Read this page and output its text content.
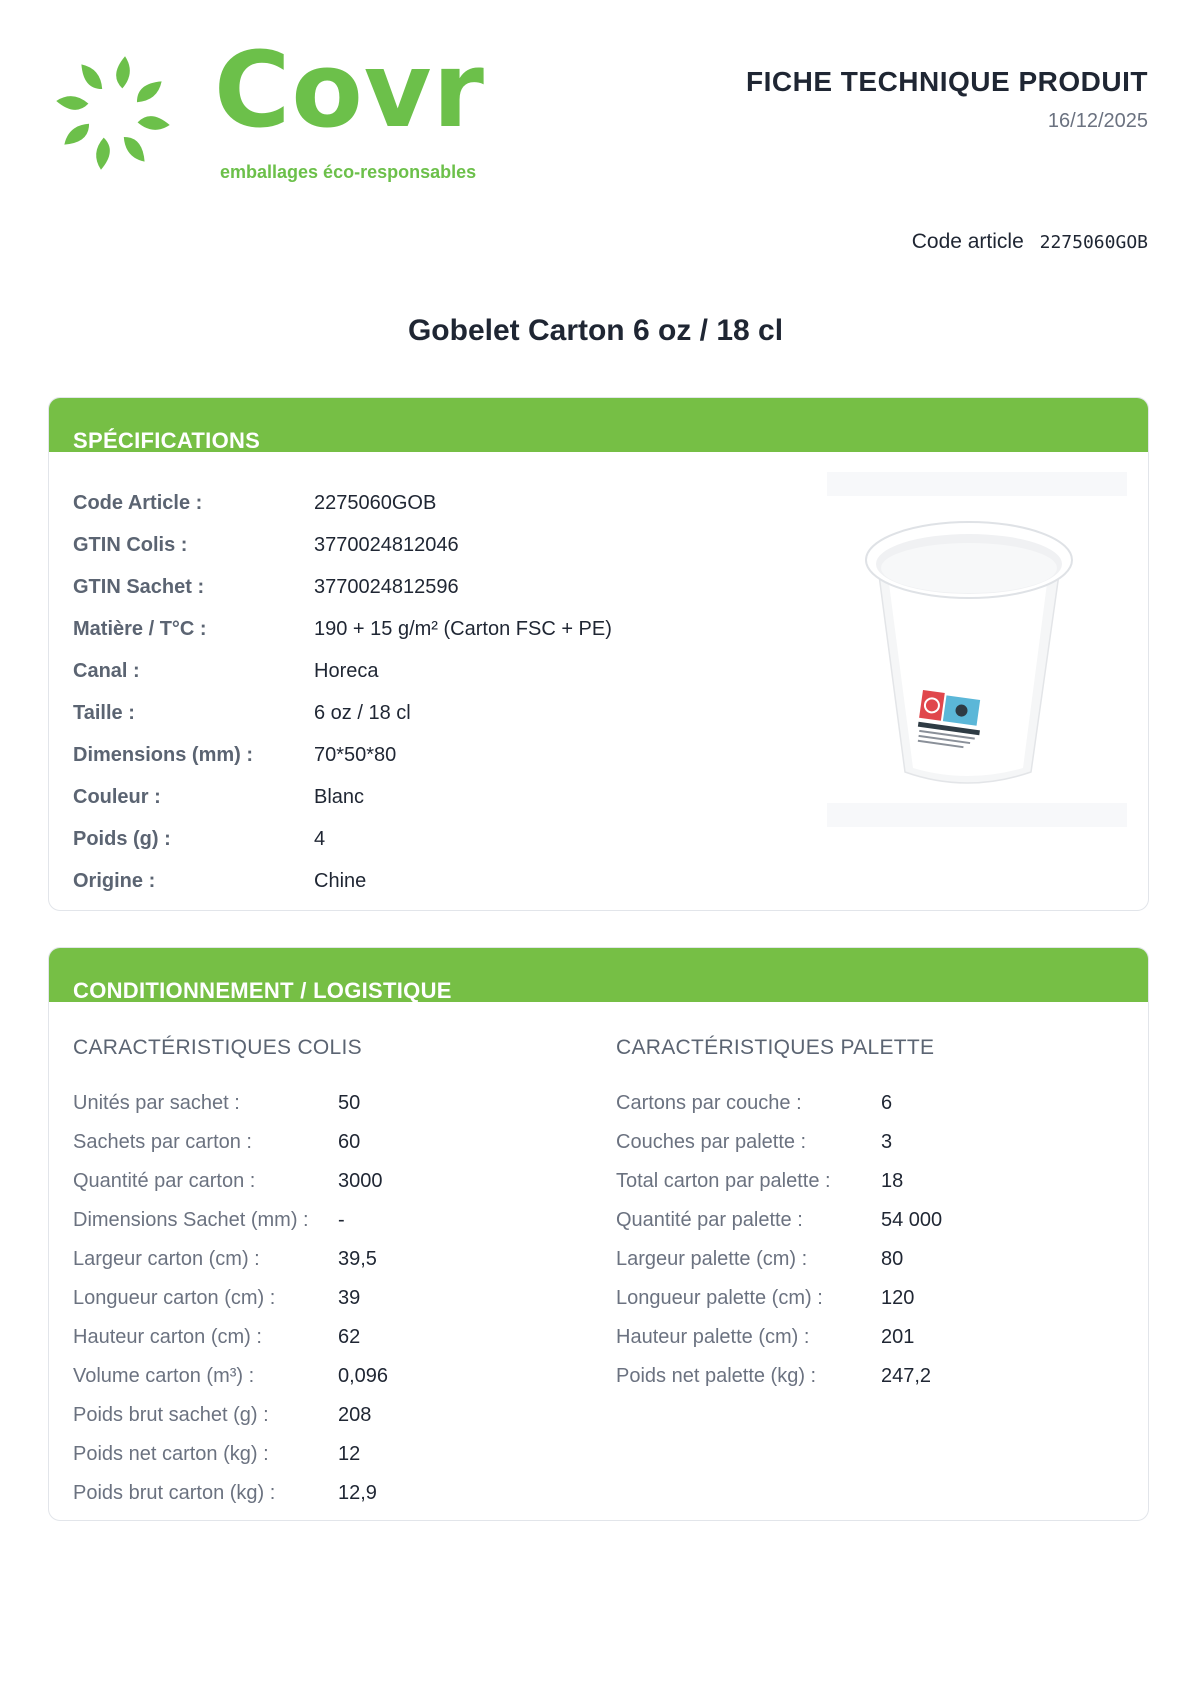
Covr
emballages éco-responsables
FICHE TECHNIQUE PRODUIT
16/12/2025
Code article 2275060GOB
Gobelet Carton 6 oz / 18 cl
SPÉCIFICATIONS
Code Article :	2275060GOB
GTIN Colis :	3770024812046
GTIN Sachet :	3770024812596
Matière / T°C :	190 + 15 g/m² (Carton FSC + PE)
Canal :	Horeca
Taille :	6 oz / 18 cl
Dimensions (mm) :	70*50*80
Couleur :	Blanc
Poids (g) :	4
Origine :	Chine
CONDITIONNEMENT / LOGISTIQUE
CARACTÉRISTIQUES COLIS
Unités par sachet :	50
Sachets par carton :	60
Quantité par carton :	3000
Dimensions Sachet (mm) :	-
Largeur carton (cm) :	39,5
Longueur carton (cm) :	39
Hauteur carton (cm) :	62
Volume carton (m³) :	0,096
Poids brut sachet (g) :	208
Poids net carton (kg) :	12
Poids brut carton (kg) :	12,9
CARACTÉRISTIQUES PALETTE
Cartons par couche :	6
Couches par palette :	3
Total carton par palette :	18
Quantité par palette :	54 000
Largeur palette (cm) :	80
Longueur palette (cm) :	120
Hauteur palette (cm) :	201
Poids net palette (kg) :	247,2
